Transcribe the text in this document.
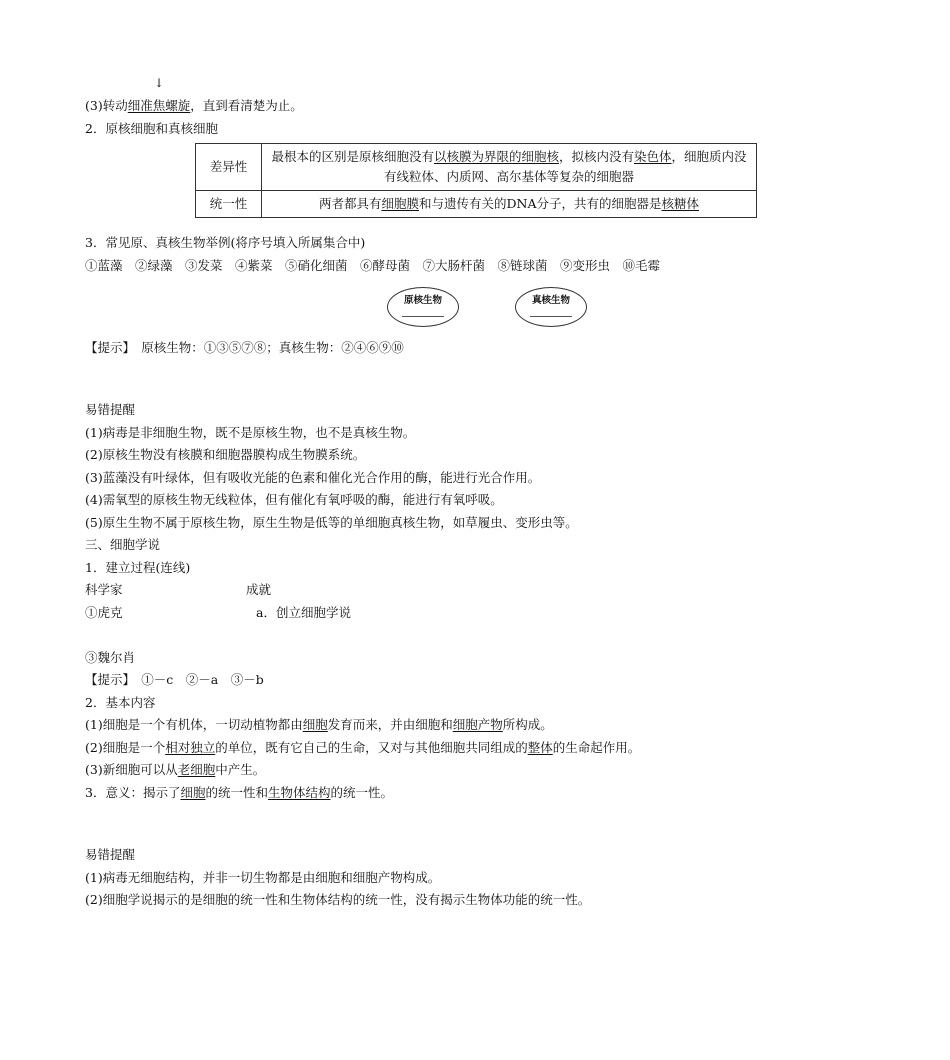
↓
(3)转动细准焦螺旋，直到看清楚为止。
2．原核细胞和真核细胞
差异性	最根本的区别是原核细胞没有以核膜为界限的细胞核，拟核内没有染色体，细胞质内没有线粒体、内质网、高尔基体等复杂的细胞器
统一性	两者都具有细胞膜和与遗传有关的DNA分子，共有的细胞器是核糖体
3．常见原、真核生物举例(将序号填入所属集合中)
①蓝藻　②绿藻　③发菜　④紫菜　⑤硝化细菌　⑥酵母菌　⑦大肠杆菌　⑧链球菌　⑨变形虫　⑩毛霉
原核生物	真核生物
【提示】　原核生物：①③⑤⑦⑧；真核生物：②④⑥⑨⑩
易错提醒
(1)病毒是非细胞生物，既不是原核生物，也不是真核生物。
(2)原核生物没有核膜和细胞器膜构成生物膜系统。
(3)蓝藻没有叶绿体，但有吸收光能的色素和催化光合作用的酶，能进行光合作用。
(4)需氧型的原核生物无线粒体，但有催化有氧呼吸的酶，能进行有氧呼吸。
(5)原生生物不属于原核生物，原生生物是低等的单细胞真核生物，如草履虫、变形虫等。
三、细胞学说
1．建立过程(连线)
科学家	成就
①虎克	a．创立细胞学说
③魏尔肖
【提示】　①－c　②－a　③－b
2．基本内容
(1)细胞是一个有机体，一切动植物都由细胞发育而来，并由细胞和细胞产物所构成。
(2)细胞是一个相对独立的单位，既有它自己的生命，又对与其他细胞共同组成的整体的生命起作用。
(3)新细胞可以从老细胞中产生。
3．意义：揭示了细胞的统一性和生物体结构的统一性。
易错提醒
(1)病毒无细胞结构，并非一切生物都是由细胞和细胞产物构成。
(2)细胞学说揭示的是细胞的统一性和生物体结构的统一性，没有揭示生物体功能的统一性。
